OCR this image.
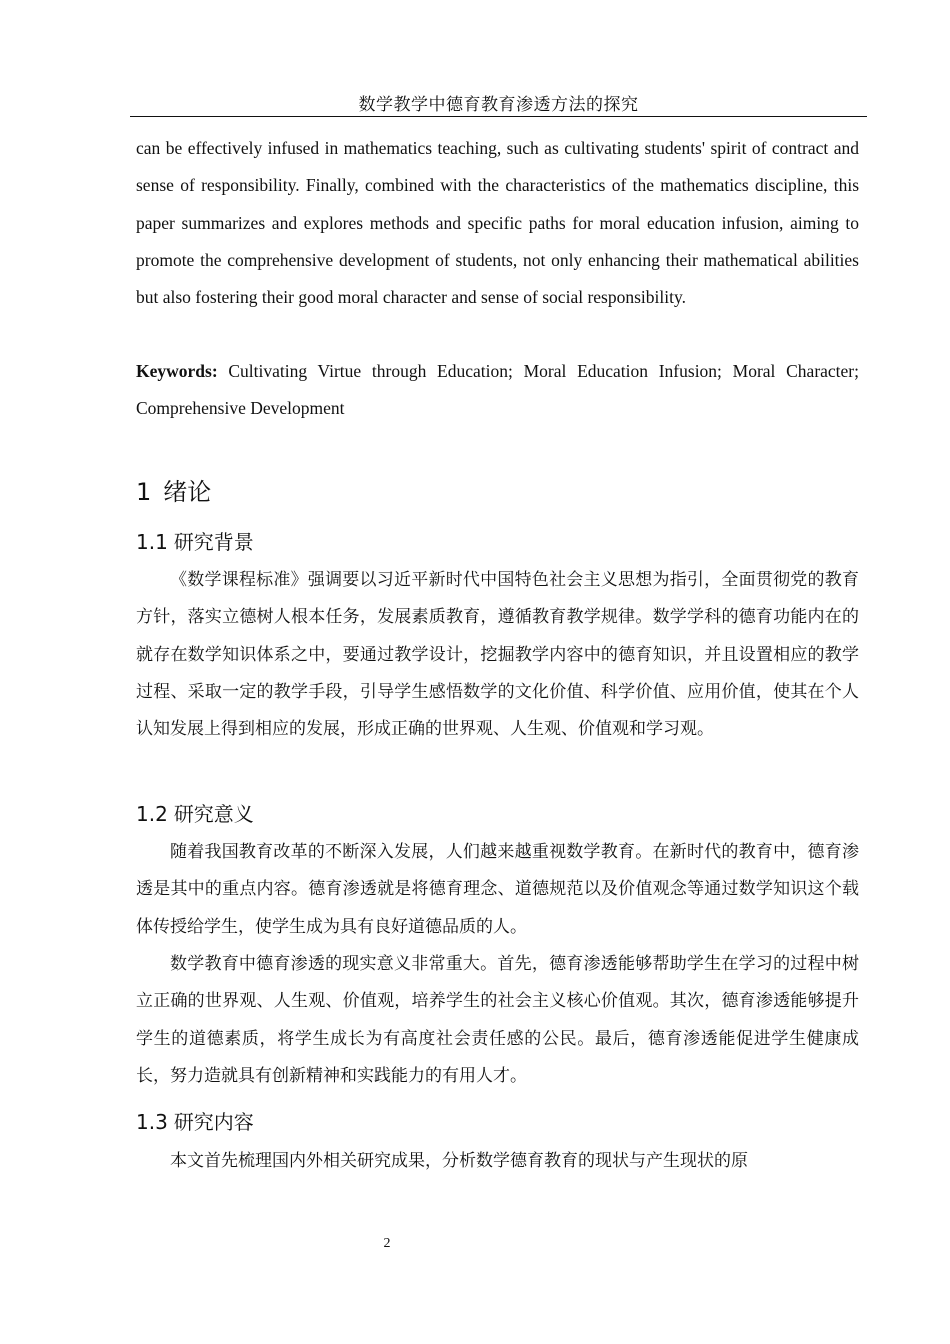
数学教学中德育教育渗透方法的探究

can be effectively infused in mathematics teaching, such as cultivating students' spirit of contract and sense of responsibility. Finally, combined with the characteristics of the mathematics discipline, this paper summarizes and explores methods and specific paths for moral education infusion, aiming to promote the comprehensive development of students, not only enhancing their mathematical abilities but also fostering their good moral character and sense of social responsibility.

Keywords: Cultivating Virtue through Education; Moral Education Infusion; Moral Character; Comprehensive Development

1 绪论
1.1 研究背景

《数学课程标准》强调要以习近平新时代中国特色社会主义思想为指引，全面贯彻党的教育方针，落实立德树人根本任务，发展素质教育，遵循教育教学规律。数学学科的德育功能内在的就存在数学知识体系之中，要通过教学设计，挖掘教学内容中的德育知识，并且设置相应的教学过程、采取一定的教学手段，引导学生感悟数学的文化价值、科学价值、应用价值，使其在个人认知发展上得到相应的发展，形成正确的世界观、人生观、价值观和学习观。

1.2 研究意义

随着我国教育改革的不断深入发展，人们越来越重视数学教育。在新时代的教育中，德育渗透是其中的重点内容。德育渗透就是将德育理念、道德规范以及价值观念等通过数学知识这个载体传授给学生，使学生成为具有良好道德品质的人。

数学教育中德育渗透的现实意义非常重大。首先，德育渗透能够帮助学生在学习的过程中树立正确的世界观、人生观、价值观，培养学生的社会主义核心价值观。其次，德育渗透能够提升学生的道德素质，将学生成长为有高度社会责任感的公民。最后，德育渗透能促进学生健康成长，努力造就具有创新精神和实践能力的有用人才。

1.3 研究内容

本文首先梳理国内外相关研究成果，分析数学德育教育的现状与产生现状的原

2
